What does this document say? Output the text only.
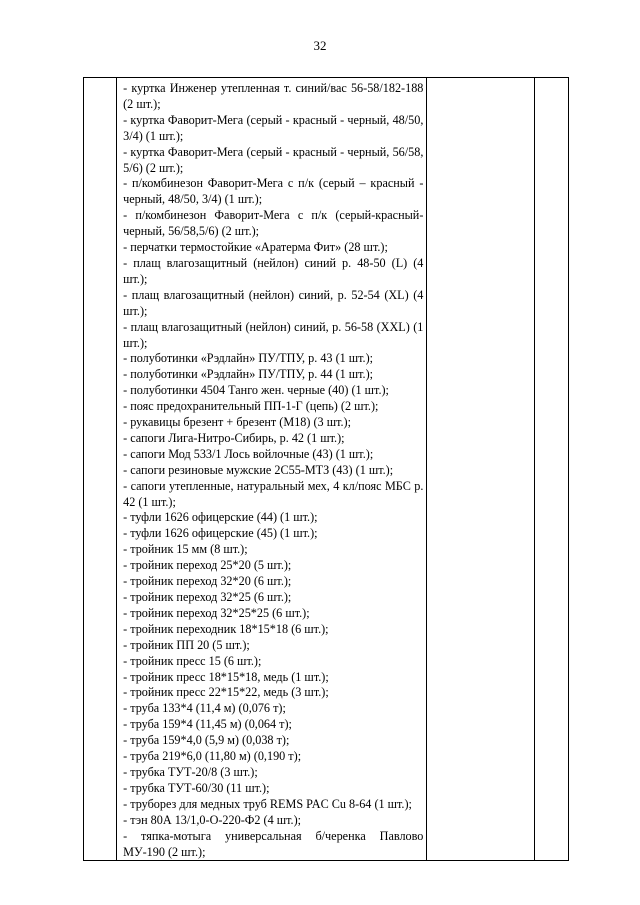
32

- куртка Инженер утепленная т. синий/вас 56-58/182-188 (2 шт.);
- куртка Фаворит-Мега (серый - красный - черный, 48/50, 3/4) (1 шт.);
- куртка Фаворит-Мега (серый - красный - черный, 56/58, 5/6) (2 шт.);
- п/комбинезон Фаворит-Мега с п/к (серый – красный - черный, 48/50, 3/4) (1 шт.);
- п/комбинезон Фаворит-Мега с п/к (серый-красный-черный, 56/58,5/6) (2 шт.);
- перчатки термостойкие «Аратерма Фит» (28 шт.);
- плащ влагозащитный (нейлон) синий р. 48-50 (L) (4 шт.);
- плащ влагозащитный (нейлон) синий, р. 52-54 (XL) (4 шт.);
- плащ влагозащитный (нейлон) синий, р. 56-58 (XXL) (1 шт.);
- полуботинки «Рэдлайн» ПУ/ТПУ, р. 43 (1 шт.);
- полуботинки «Рэдлайн» ПУ/ТПУ, р. 44 (1 шт.);
- полуботинки 4504 Танго жен. черные (40) (1 шт.);
- пояс предохранительный ПП-1-Г (цепь) (2 шт.);
- рукавицы брезент + брезент (М18) (3 шт.);
- сапоги Лига-Нитро-Сибирь, р. 42 (1 шт.);
- сапоги Мод 533/1 Лось войлочные (43) (1 шт.);
- сапоги резиновые мужские 2С55-МТЗ (43) (1 шт.);
- сапоги утепленные, натуральный мех, 4 кл/пояс МБС р. 42 (1 шт.);
- туфли 1626 офицерские (44) (1 шт.);
- туфли 1626 офицерские (45) (1 шт.);
- тройник 15 мм (8 шт.);
- тройник переход 25*20 (5 шт.);
- тройник переход 32*20 (6 шт.);
- тройник переход 32*25 (6 шт.);
- тройник переход 32*25*25 (6 шт.);
- тройник переходник 18*15*18 (6 шт.);
- тройник ПП 20 (5 шт.);
- тройник пресс 15 (6 шт.);
- тройник пресс 18*15*18, медь (1 шт.);
- тройник пресс 22*15*22, медь (3 шт.);
- труба 133*4 (11,4 м) (0,076 т);
- труба 159*4 (11,45 м) (0,064 т);
- труба 159*4,0 (5,9 м) (0,038 т);
- труба 219*6,0 (11,80 м) (0,190 т);
- трубка ТУТ-20/8 (3 шт.);
- трубка ТУТ-60/30 (11 шт.);
- труборез для медных труб REMS PAC Cu 8-64 (1 шт.);
- тэн 80А 13/1,0-О-220-Ф2 (4 шт.);
- тяпка-мотыга универсальная б/черенка Павлово МУ-190 (2 шт.);
